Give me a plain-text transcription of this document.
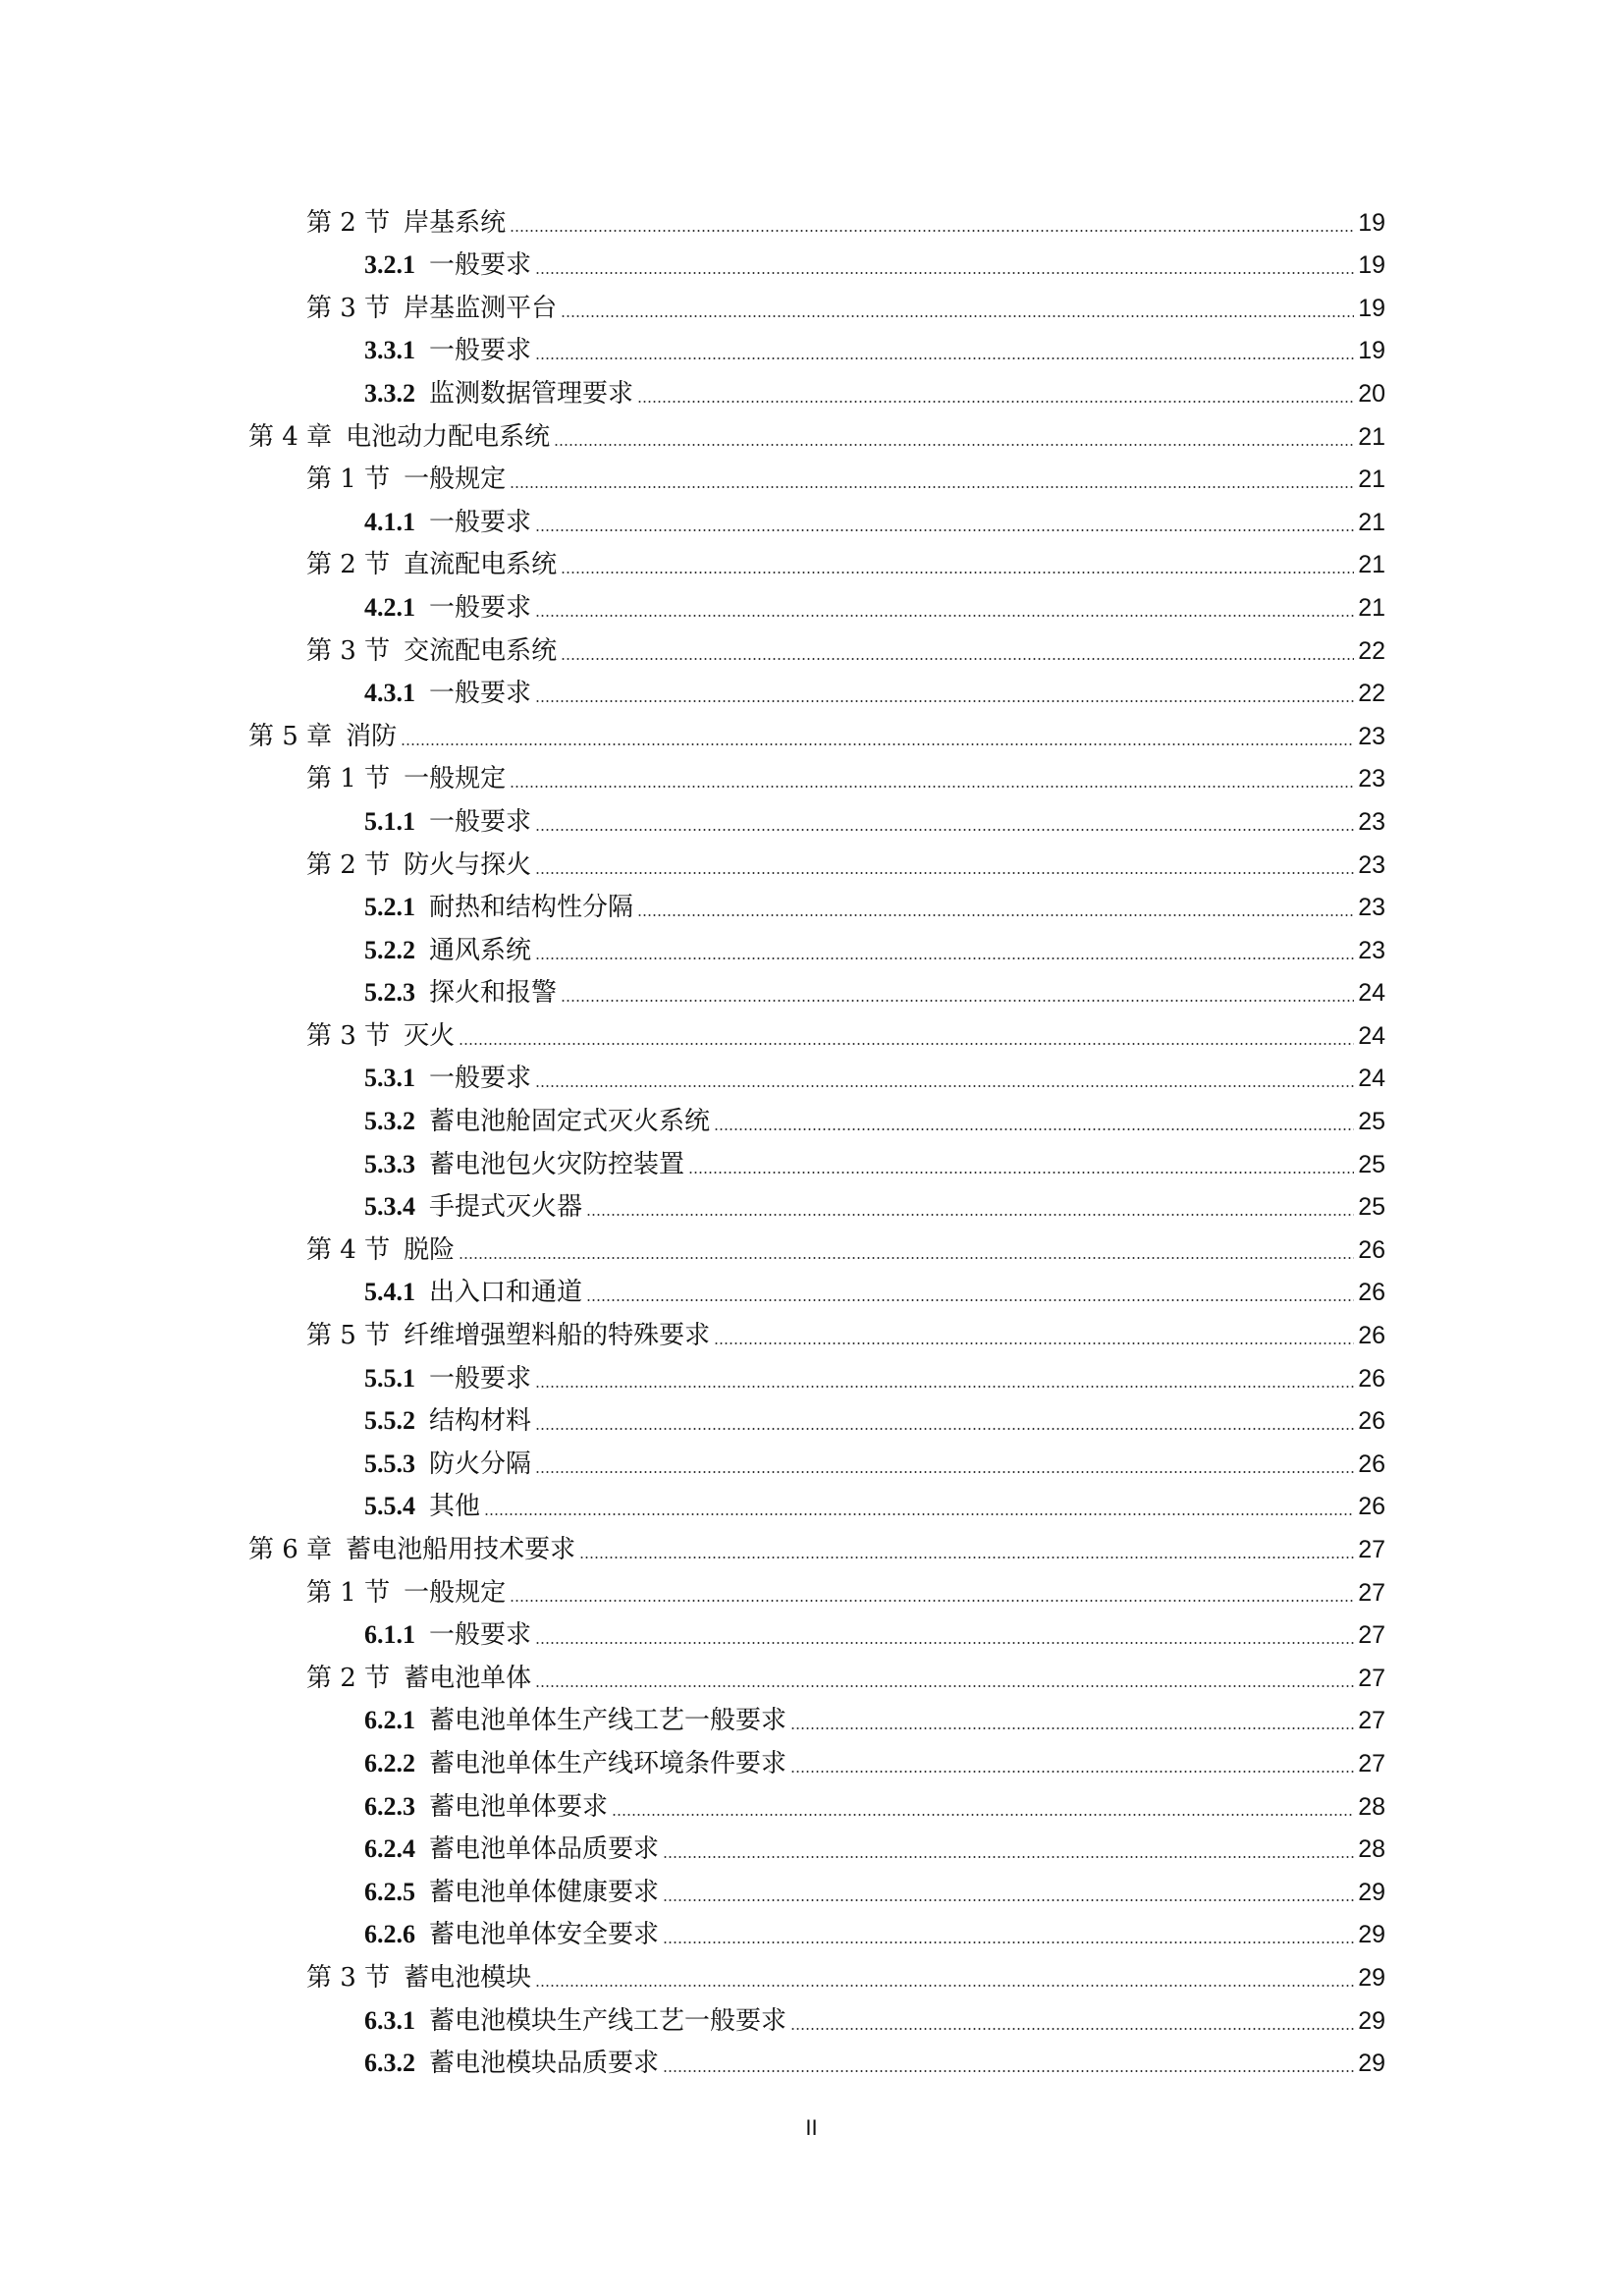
第 2 节 岸基系统	19
3.2.1 一般要求	19
第 3 节 岸基监测平台	19
3.3.1 一般要求	19
3.3.2 监测数据管理要求	20
第 4 章 电池动力配电系统	21
第 1 节 一般规定	21
4.1.1 一般要求	21
第 2 节 直流配电系统	21
4.2.1 一般要求	21
第 3 节 交流配电系统	22
4.3.1 一般要求	22
第 5 章 消防	23
第 1 节 一般规定	23
5.1.1 一般要求	23
第 2 节 防火与探火	23
5.2.1 耐热和结构性分隔	23
5.2.2 通风系统	23
5.2.3 探火和报警	24
第 3 节 灭火	24
5.3.1 一般要求	24
5.3.2 蓄电池舱固定式灭火系统	25
5.3.3 蓄电池包火灾防控装置	25
5.3.4 手提式灭火器	25
第 4 节 脱险	26
5.4.1 出入口和通道	26
第 5 节 纤维增强塑料船的特殊要求	26
5.5.1 一般要求	26
5.5.2 结构材料	26
5.5.3 防火分隔	26
5.5.4 其他	26
第 6 章 蓄电池船用技术要求	27
第 1 节 一般规定	27
6.1.1 一般要求	27
第 2 节 蓄电池单体	27
6.2.1 蓄电池单体生产线工艺一般要求	27
6.2.2 蓄电池单体生产线环境条件要求	27
6.2.3 蓄电池单体要求	28
6.2.4 蓄电池单体品质要求	28
6.2.5 蓄电池单体健康要求	29
6.2.6 蓄电池单体安全要求	29
第 3 节 蓄电池模块	29
6.3.1 蓄电池模块生产线工艺一般要求	29
6.3.2 蓄电池模块品质要求	29
II
